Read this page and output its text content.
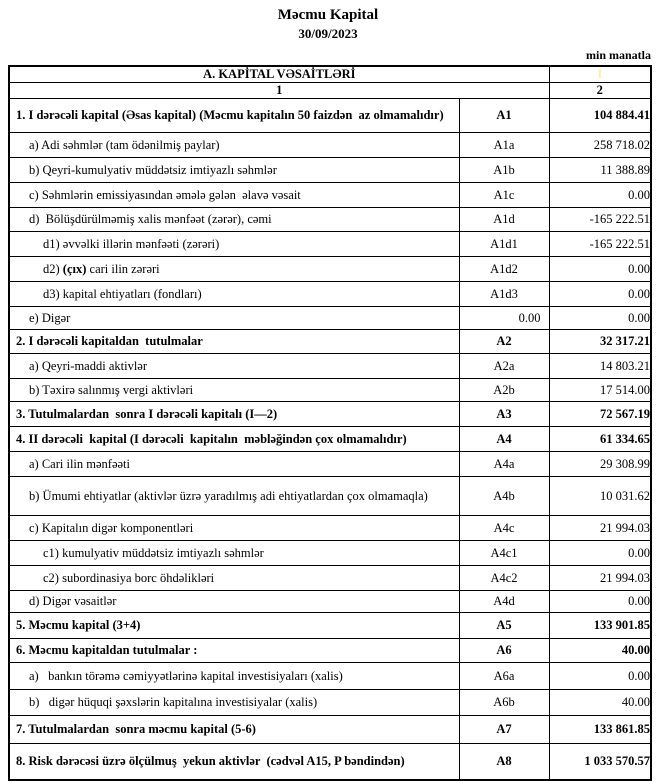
Məcmu Kapital
30/09/2023
min manatla
A. KAPİTAL VƏSAİTLƏRİ		1
1		2
1. I dərəcəli kapital (Əsas kapital) (Məcmu kapitalın 50 faizdən  az olmamalıdır)	A1	104 884.41
a) Adi səhmlər (tam ödənilmiş paylar)	A1a	258 718.02
b) Qeyri-kumulyativ müddətsiz imtiyazlı səhmlər	A1b	11 388.89
c) Səhmlərin emissiyasından əmələ gələn  əlavə vəsait	A1c	0.00
d)  Bölüşdürülməmiş xalis mənfəət (zərər), cəmi	A1d	-165 222.51
d1) əvvəlki illərin mənfəəti (zərəri)	A1d1	-165 222.51
d2) (çıx) cari ilin zərəri	A1d2	0.00
d3) kapital ehtiyatları (fondları)	A1d3	0.00
e) Digər	0.00	0.00
2. I dərəcəli kapitaldan  tutulmalar	A2	32 317.21
a) Qeyri-maddi aktivlər	A2a	14 803.21
b) Təxirə salınmış vergi aktivləri	A2b	17 514.00
3. Tutulmalardan  sonra I dərəcəli kapitalı (I—2)	A3	72 567.19
4. II dərəcəli  kapital (I dərəcəli  kapitalın  məbləğindən çox olmamalıdır)	A4	61 334.65
a) Cari ilin mənfəəti	A4a	29 308.99
b) Ümumi ehtiyatlar (aktivlər üzrə yaradılmış adi ehtiyatlardan çox olmamaqla)	A4b	10 031.62
c) Kapitalın digər komponentləri	A4c	21 994.03
c1) kumulyativ müddətsiz imtiyazlı səhmlər	A4c1	0.00
c2) subordinasiya borc öhdəlikləri	A4c2	21 994.03
d) Digər vəsaitlər	A4d	0.00
5. Məcmu kapital (3+4)	A5	133 901.85
6. Məcmu kapitaldan tutulmalar :	A6	40.00
a)   bankın törəmə cəmiyyətlərinə kapital investisiyaları (xalis)	A6a	0.00
b)   digər hüquqi şəxslərin kapitalına investisiyalar (xalis)	A6b	40.00
7. Tutulmalardan  sonra məcmu kapital (5-6)	A7	133 861.85
8. Risk dərəcəsi üzrə ölçülmuş  yekun aktivlər  (cədvəl A15, P bəndindən)	A8	1 033 570.57
